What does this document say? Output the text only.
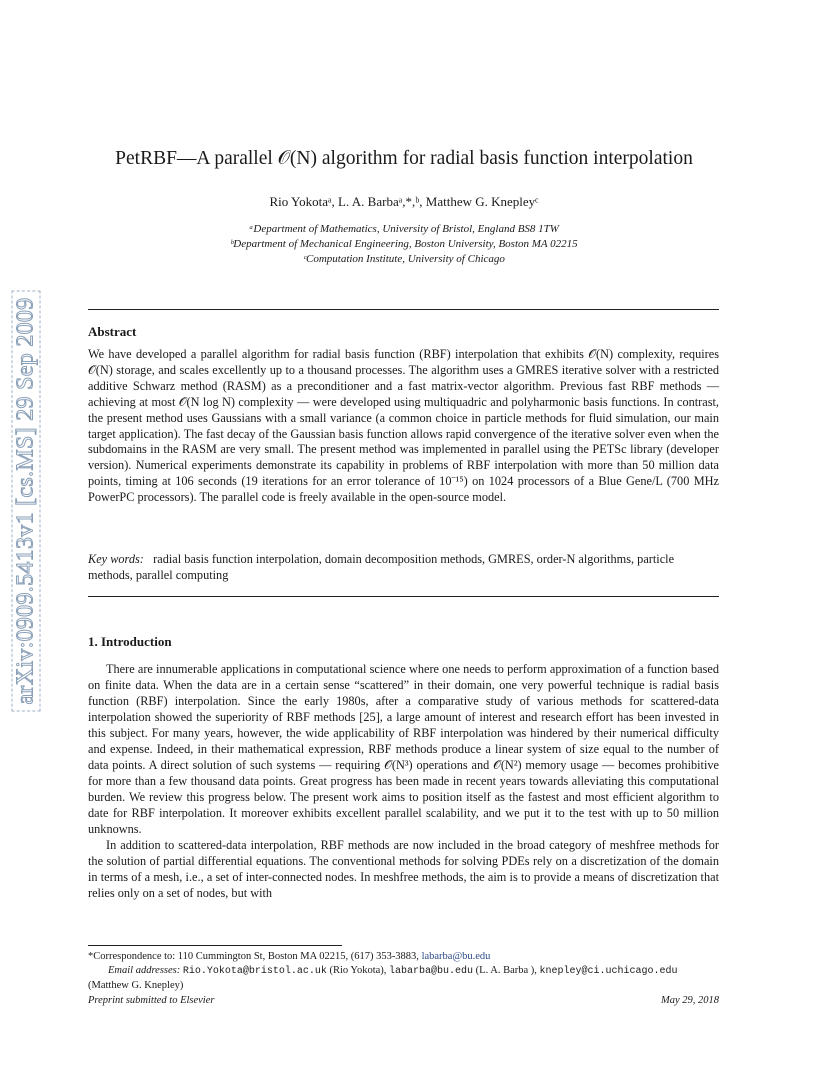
arXiv:0909.5413v1 [cs.MS] 29 Sep 2009
PetRBF—A parallel 𝒪(N) algorithm for radial basis function interpolation
Rio Yokotaᵃ, L. A. Barbaᵃ,*,ᵇ, Matthew G. Knepleyᶜ
ᵃDepartment of Mathematics, University of Bristol, England BS8 1TW
ᵇDepartment of Mechanical Engineering, Boston University, Boston MA 02215
ᶜComputation Institute, University of Chicago
Abstract

We have developed a parallel algorithm for radial basis function (RBF) interpolation that exhibits 𝒪(N) complexity, requires 𝒪(N) storage, and scales excellently up to a thousand processes. The algorithm uses a GMRES iterative solver with a restricted additive Schwarz method (RASM) as a preconditioner and a fast matrix-vector algorithm. Previous fast RBF methods — achieving at most 𝒪(N log N) complexity — were developed using multiquadric and polyharmonic basis functions. In contrast, the present method uses Gaussians with a small variance (a common choice in particle methods for fluid simulation, our main target application). The fast decay of the Gaussian basis function allows rapid convergence of the iterative solver even when the subdomains in the RASM are very small. The present method was implemented in parallel using the PETSc library (developer version). Numerical experiments demonstrate its capability in problems of RBF interpolation with more than 50 million data points, timing at 106 seconds (19 iterations for an error tolerance of 10⁻¹⁵) on 1024 processors of a Blue Gene/L (700 MHz PowerPC processors). The parallel code is freely available in the open-source model.

Key words: radial basis function interpolation, domain decomposition methods, GMRES, order-N algorithms, particle methods, parallel computing
1. Introduction

There are innumerable applications in computational science where one needs to perform approximation of a function based on finite data. When the data are in a certain sense “scattered” in their domain, one very powerful technique is radial basis function (RBF) interpolation. Since the early 1980s, after a comparative study of various methods for scattered-data interpolation showed the superiority of RBF methods [25], a large amount of interest and research effort has been invested in this subject. For many years, however, the wide applicability of RBF interpolation was hindered by their numerical difficulty and expense. Indeed, in their mathematical expression, RBF methods produce a linear system of size equal to the number of data points. A direct solution of such systems — requiring 𝒪(N³) operations and 𝒪(N²) memory usage — becomes prohibitive for more than a few thousand data points. Great progress has been made in recent years towards alleviating this computational burden. We review this progress below. The present work aims to position itself as the fastest and most efficient algorithm to date for RBF interpolation. It moreover exhibits excellent parallel scalability, and we put it to the test with up to 50 million unknowns.

In addition to scattered-data interpolation, RBF methods are now included in the broad category of meshfree methods for the solution of partial differential equations. The conventional methods for solving PDEs rely on a discretization of the domain in terms of a mesh, i.e., a set of inter-connected nodes. In meshfree methods, the aim is to provide a means of discretization that relies only on a set of nodes, but with

*Correspondence to: 110 Cummington St, Boston MA 02215, (617) 353-3883, labarba@bu.edu
Email addresses: Rio.Yokota@bristol.ac.uk (Rio Yokota), labarba@bu.edu (L. A. Barba ), knepley@ci.uchicago.edu (Matthew G. Knepley)
Preprint submitted to Elsevier	May 29, 2018
